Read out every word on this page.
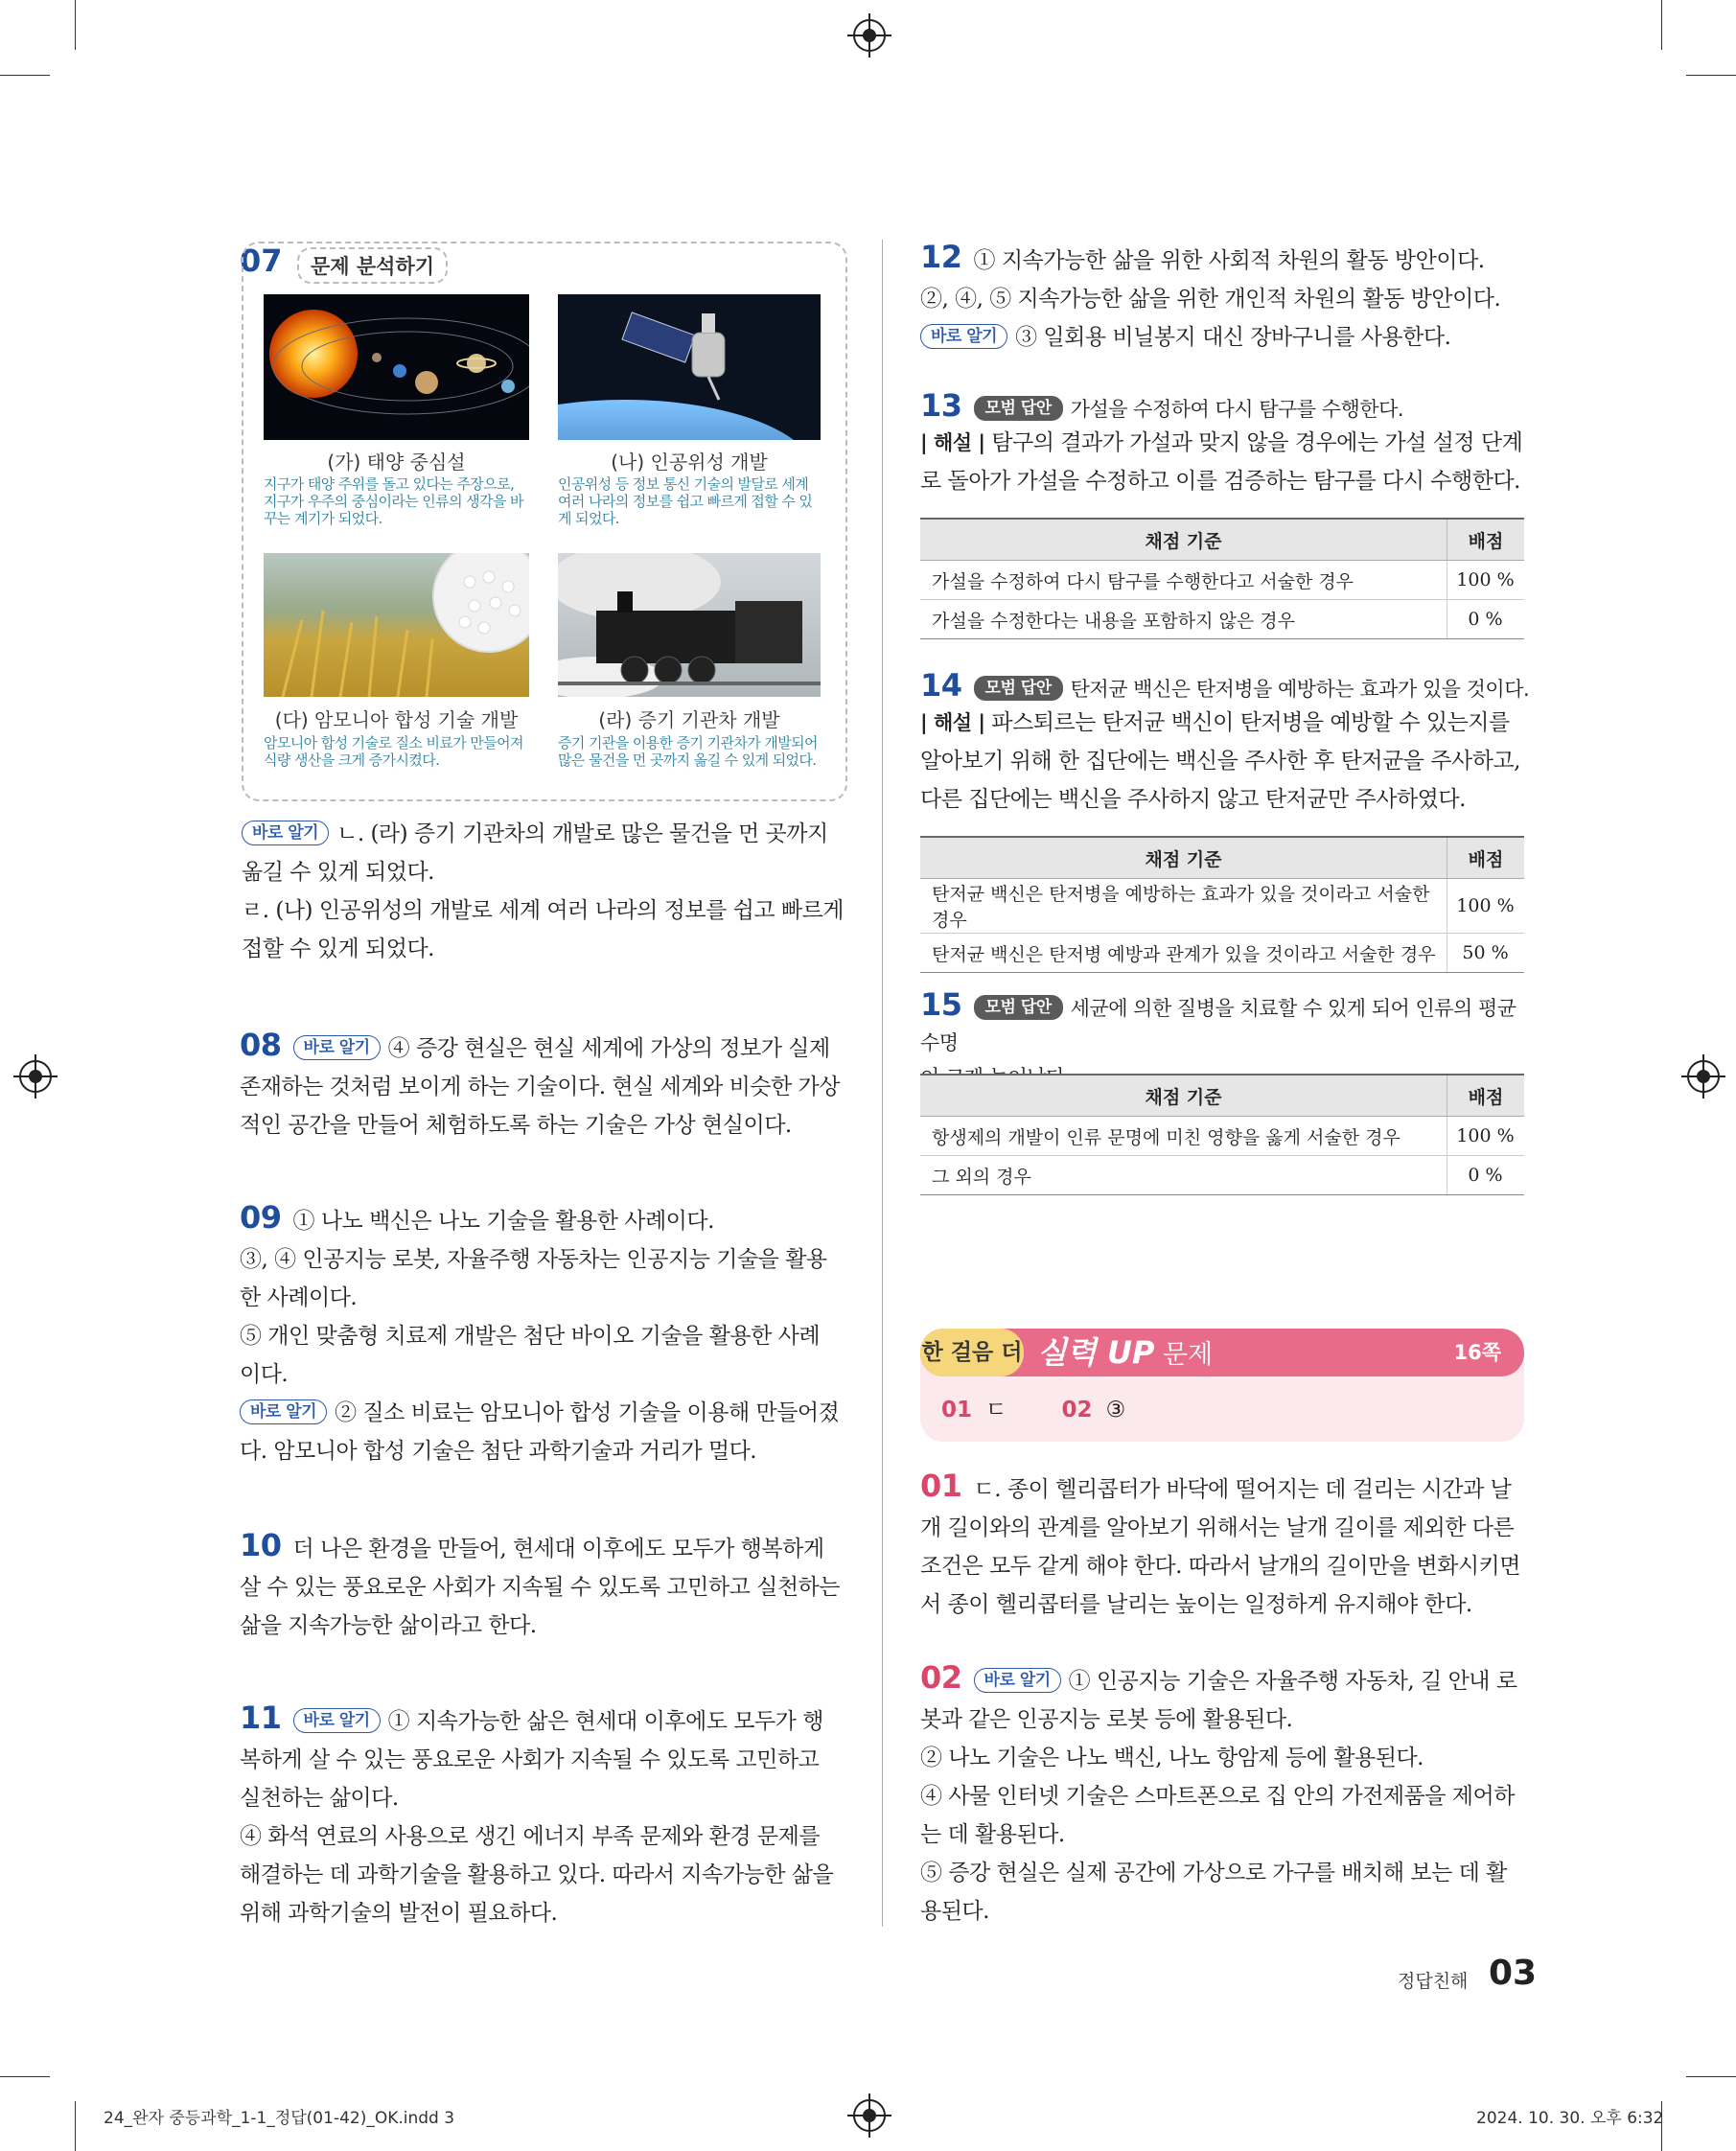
07	문제 분석하기
(가) 태양 중심설
지구가 태양 주위를 돌고 있다는 주장으로, 지구가 우주의 중심이라는 인류의 생각을 바꾸는 계기가 되었다.
(나) 인공위성 개발
인공위성 등 정보 통신 기술의 발달로 세계 여러 나라의 정보를 쉽고 빠르게 접할 수 있게 되었다.
(다) 암모니아 합성 기술 개발
암모니아 합성 기술로 질소 비료가 만들어져 식량 생산을 크게 증가시켰다.
(라) 증기 기관차 개발
증기 기관을 이용한 증기 기관차가 개발되어 많은 물건을 먼 곳까지 옮길 수 있게 되었다.
바로 알기 ㄴ. (라) 증기 기관차의 개발로 많은 물건을 먼 곳까지
옮길 수 있게 되었다.
ㄹ. (나) 인공위성의 개발로 세계 여러 나라의 정보를 쉽고 빠르게
접할 수 있게 되었다.
08 바로 알기 ④ 증강 현실은 현실 세계에 가상의 정보가 실제
존재하는 것처럼 보이게 하는 기술이다. 현실 세계와 비슷한 가상
적인 공간을 만들어 체험하도록 하는 기술은 가상 현실이다.
09 ① 나노 백신은 나노 기술을 활용한 사례이다.
③, ④ 인공지능 로봇, 자율주행 자동차는 인공지능 기술을 활용
한 사례이다.
⑤ 개인 맞춤형 치료제 개발은 첨단 바이오 기술을 활용한 사례
이다.
바로 알기 ② 질소 비료는 암모니아 합성 기술을 이용해 만들어졌
다. 암모니아 합성 기술은 첨단 과학기술과 거리가 멀다.
10 더 나은 환경을 만들어, 현세대 이후에도 모두가 행복하게
살 수 있는 풍요로운 사회가 지속될 수 있도록 고민하고 실천하는
삶을 지속가능한 삶이라고 한다.
11 바로 알기 ① 지속가능한 삶은 현세대 이후에도 모두가 행
복하게 살 수 있는 풍요로운 사회가 지속될 수 있도록 고민하고
실천하는 삶이다.
④ 화석 연료의 사용으로 생긴 에너지 부족 문제와 환경 문제를
해결하는 데 과학기술을 활용하고 있다. 따라서 지속가능한 삶을
위해 과학기술의 발전이 필요하다.
12 ① 지속가능한 삶을 위한 사회적 차원의 활동 방안이다.
②, ④, ⑤ 지속가능한 삶을 위한 개인적 차원의 활동 방안이다.
바로 알기 ③ 일회용 비닐봉지 대신 장바구니를 사용한다.
13 모범 답안 가설을 수정하여 다시 탐구를 수행한다.
| 해설 | 탐구의 결과가 가설과 맞지 않을 경우에는 가설 설정 단계
로 돌아가 가설을 수정하고 이를 검증하는 탐구를 다시 수행한다.
채점 기준	배점
가설을 수정하여 다시 탐구를 수행한다고 서술한 경우	100 %
가설을 수정한다는 내용을 포함하지 않은 경우	0 %
14 모범 답안 탄저균 백신은 탄저병을 예방하는 효과가 있을 것이다.
| 해설 | 파스퇴르는 탄저균 백신이 탄저병을 예방할 수 있는지를
알아보기 위해 한 집단에는 백신을 주사한 후 탄저균을 주사하고,
다른 집단에는 백신을 주사하지 않고 탄저균만 주사하였다.
채점 기준	배점
탄저균 백신은 탄저병을 예방하는 효과가 있을 것이라고 서술한 경우	100 %
탄저균 백신은 탄저병 예방과 관계가 있을 것이라고 서술한 경우	50 %
15 모범 답안 세균에 의한 질병을 치료할 수 있게 되어 인류의 평균 수명
채점 기준	배점
항생제의 개발이 인류 문명에 미친 영향을 옳게 서술한 경우	100 %
그 외의 경우	0 %
한 걸음 더 실력 UP 문제	16쪽
01 ㄷ 02 ③
01 ㄷ. 종이 헬리콥터가 바닥에 떨어지는 데 걸리는 시간과 날
개 길이와의 관계를 알아보기 위해서는 날개 길이를 제외한 다른
조건은 모두 같게 해야 한다. 따라서 날개의 길이만을 변화시키면
서 종이 헬리콥터를 날리는 높이는 일정하게 유지해야 한다.
02 바로 알기 ① 인공지능 기술은 자율주행 자동차, 길 안내 로
봇과 같은 인공지능 로봇 등에 활용된다.
② 나노 기술은 나노 백신, 나노 항암제 등에 활용된다.
④ 사물 인터넷 기술은 스마트폰으로 집 안의 가전제품을 제어하
는 데 활용된다.
⑤ 증강 현실은 실제 공간에 가상으로 가구를 배치해 보는 데 활
용된다.
정답친해 03
24_완자 중등과학_1-1_정답(01-42)_OK.indd 3	2024. 10. 30. 오후 6:32
